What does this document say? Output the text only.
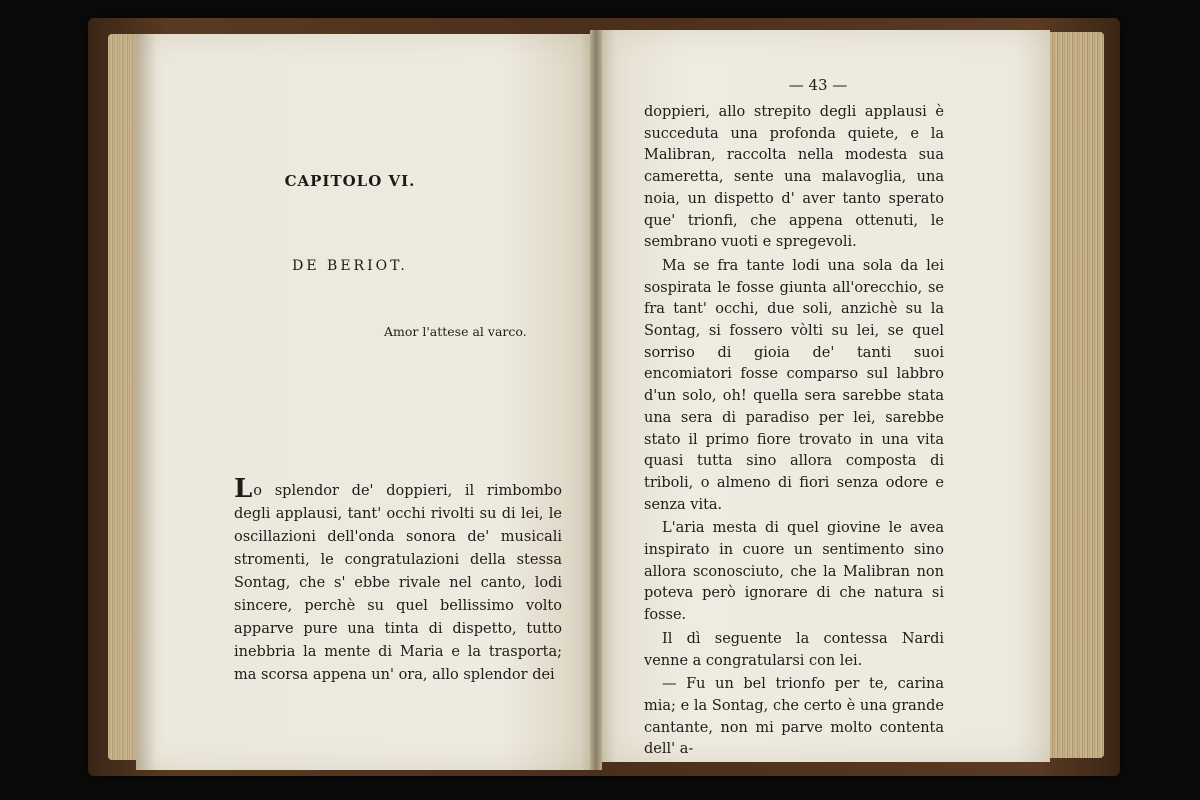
CAPITOLO VI.
DE BERIOT.
Amor l'attese al varco.

Lo splendor de' doppieri, il rimbombo degli applausi, tant' occhi rivolti su di lei, le oscillazioni dell'onda sonora de' musicali stromenti, le congratulazioni della stessa Sontag, che s' ebbe rivale nel canto, lodi sincere, perchè su quel bellissimo volto apparve pure una tinta di dispetto, tutto inebbria la mente di Maria e la trasporta; ma scorsa appena un' ora, allo splendor dei

— 43 —

doppieri, allo strepito degli applausi è succeduta una profonda quiete, e la Malibran, raccolta nella modesta sua cameretta, sente una malavoglia, una noia, un dispetto d' aver tanto sperato que' trionfi, che appena ottenuti, le sembrano vuoti e spregevoli.

Ma se fra tante lodi una sola da lei sospirata le fosse giunta all'orecchio, se fra tant' occhi, due soli, anzichè su la Sontag, si fossero vòlti su lei, se quel sorriso di gioia de' tanti suoi encomiatori fosse comparso sul labbro d'un solo, oh! quella sera sarebbe stata una sera di paradiso per lei, sarebbe stato il primo fiore trovato in una vita quasi tutta sino allora composta di triboli, o almeno di fiori senza odore e senza vita.

L'aria mesta di quel giovine le avea inspirato in cuore un sentimento sino allora sconosciuto, che la Malibran non poteva però ignorare di che natura si fosse.

Il dì seguente la contessa Nardi venne a congratularsi con lei.

— Fu un bel trionfo per te, carina mia; e la Sontag, che certo è una grande cantante, non mi parve molto contenta dell' a-
